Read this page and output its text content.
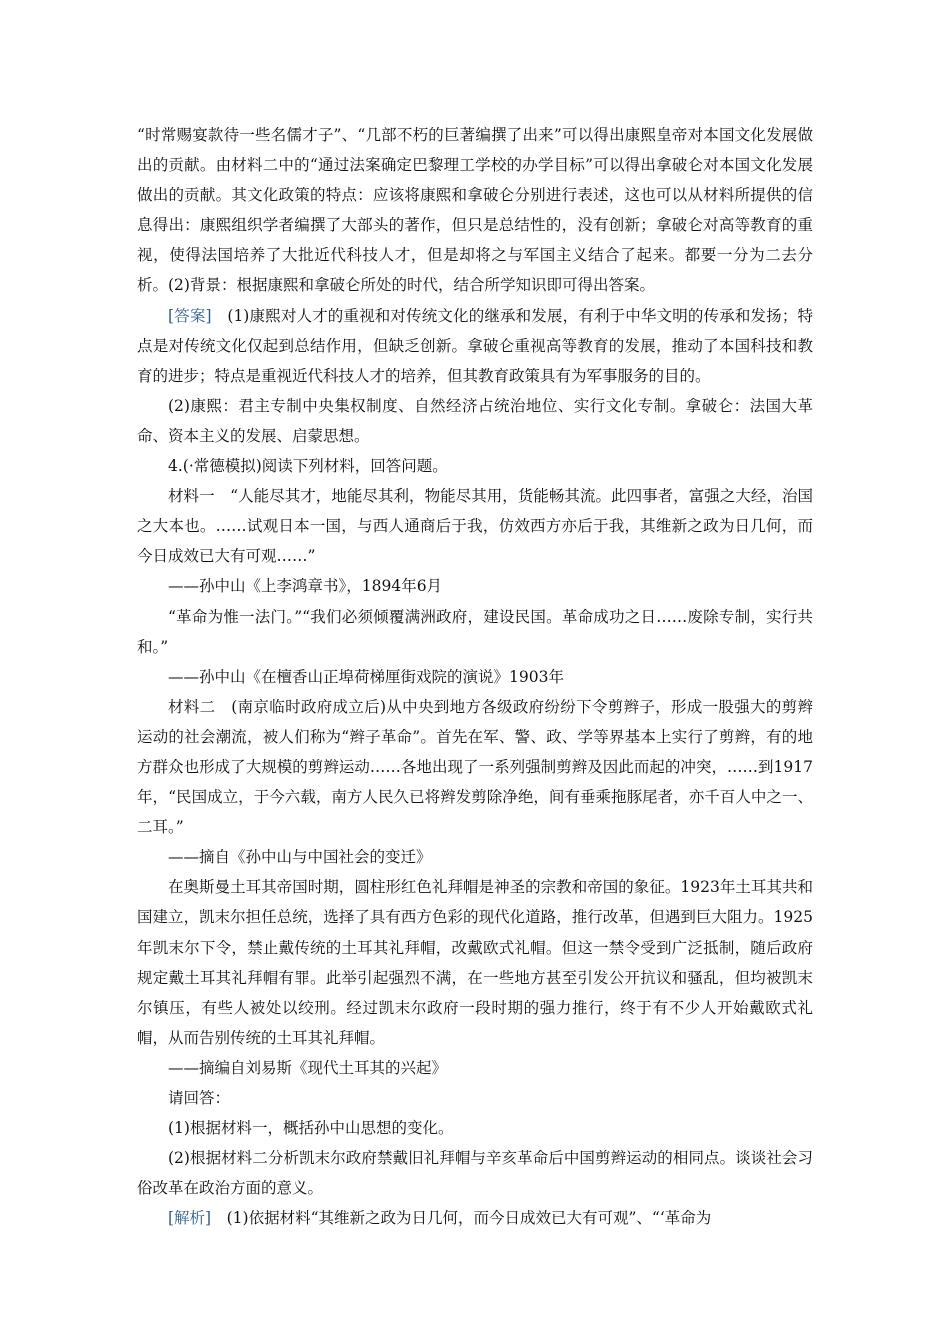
“时常赐宴款待一些名儒才子”、“几部不朽的巨著编撰了出来”可以得出康熙皇帝对本国文化发展做出的贡献。由材料二中的“通过法案确定巴黎理工学校的办学目标”可以得出拿破仑对本国文化发展做出的贡献。其文化政策的特点：应该将康熙和拿破仑分别进行表述，这也可以从材料所提供的信息得出：康熙组织学者编撰了大部头的著作，但只是总结性的，没有创新；拿破仑对高等教育的重视，使得法国培养了大批近代科技人才，但是却将之与军国主义结合了起来。都要一分为二去分析。(2)背景：根据康熙和拿破仑所处的时代，结合所学知识即可得出答案。

[答案]　(1)康熙对人才的重视和对传统文化的继承和发展，有利于中华文明的传承和发扬；特点是对传统文化仅起到总结作用，但缺乏创新。拿破仑重视高等教育的发展，推动了本国科技和教育的进步；特点是重视近代科技人才的培养，但其教育政策具有为军事服务的目的。

(2)康熙：君主专制中央集权制度、自然经济占统治地位、实行文化专制。拿破仑：法国大革命、资本主义的发展、启蒙思想。

4.(·常德模拟)阅读下列材料，回答问题。

材料一　“人能尽其才，地能尽其利，物能尽其用，货能畅其流。此四事者，富强之大经，治国之大本也。……试观日本一国，与西人通商后于我，仿效西方亦后于我，其维新之政为日几何，而今日成效已大有可观……”

——孙中山《上李鸿章书》，1894年6月

“革命为惟一法门。”“我们必须倾覆满洲政府，建设民国。革命成功之日……废除专制，实行共和。”

——孙中山《在檀香山正埠荷梯厘街戏院的演说》1903年

材料二　(南京临时政府成立后)从中央到地方各级政府纷纷下令剪辫子，形成一股强大的剪辫运动的社会潮流，被人们称为“辫子革命”。首先在军、警、政、学等界基本上实行了剪辫，有的地方群众也形成了大规模的剪辫运动……各地出现了一系列强制剪辫及因此而起的冲突，……到1917年，“民国成立，于今六载，南方人民久已将辫发剪除净绝，间有垂乘拖豚尾者，亦千百人中之一、二耳。”

——摘自《孙中山与中国社会的变迁》

在奥斯曼土耳其帝国时期，圆柱形红色礼拜帽是神圣的宗教和帝国的象征。1923年土耳其共和国建立，凯末尔担任总统，选择了具有西方色彩的现代化道路，推行改革，但遇到巨大阻力。1925年凯末尔下令，禁止戴传统的土耳其礼拜帽，改戴欧式礼帽。但这一禁令受到广泛抵制，随后政府规定戴土耳其礼拜帽有罪。此举引起强烈不满，在一些地方甚至引发公开抗议和骚乱，但均被凯末尔镇压，有些人被处以绞刑。经过凯末尔政府一段时期的强力推行，终于有不少人开始戴欧式礼帽，从而告别传统的土耳其礼拜帽。

——摘编自刘易斯《现代土耳其的兴起》

请回答：

(1)根据材料一，概括孙中山思想的变化。

(2)根据材料二分析凯末尔政府禁戴旧礼拜帽与辛亥革命后中国剪辫运动的相同点。谈谈社会习俗改革在政治方面的意义。

[解析]　(1)依据材料“其维新之政为日几何，而今日成效已大有可观”、“‘革命为
